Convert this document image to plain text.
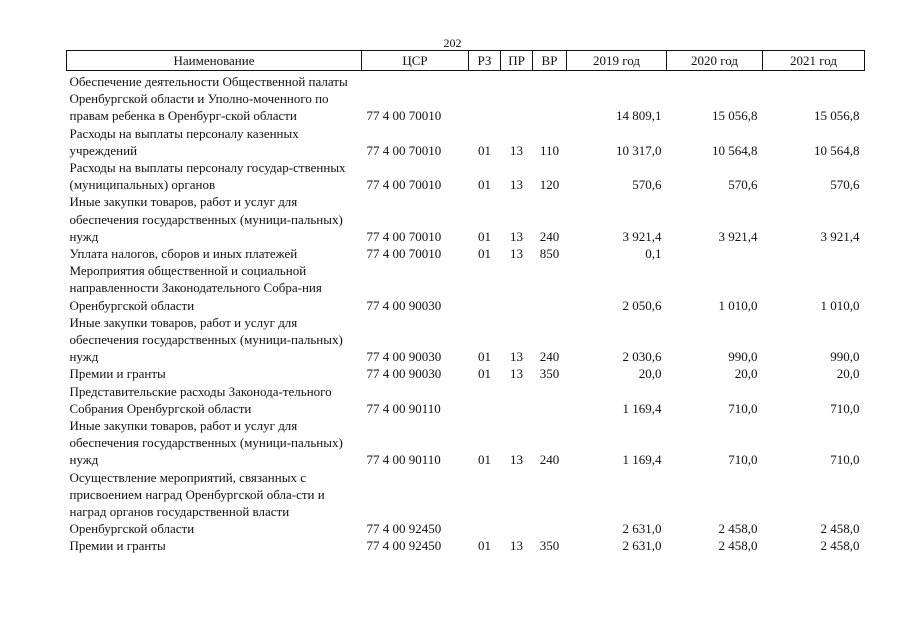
202
Наименование	ЦСР	РЗ	ПР	ВР	2019 год	2020 год	2021 год
Обеспечение деятельности Общественной палаты Оренбургской области и Уполно-моченного по правам ребенка в Оренбург-ской области	77 4 00 70010				14 809,1	15 056,8	15 056,8
Расходы на выплаты персоналу казенных учреждений	77 4 00 70010	01	13	110	10 317,0	10 564,8	10 564,8
Расходы на выплаты персоналу государ-ственных (муниципальных) органов	77 4 00 70010	01	13	120	570,6	570,6	570,6
Иные закупки товаров, работ и услуг для обеспечения государственных (муници-пальных) нужд	77 4 00 70010	01	13	240	3 921,4	3 921,4	3 921,4
Уплата налогов, сборов и иных платежей	77 4 00 70010	01	13	850	0,1		
Мероприятия общественной и социальной направленности Законодательного Собра-ния Оренбургской области	77 4 00 90030				2 050,6	1 010,0	1 010,0
Иные закупки товаров, работ и услуг для обеспечения государственных (муници-пальных) нужд	77 4 00 90030	01	13	240	2 030,6	990,0	990,0
Премии и гранты	77 4 00 90030	01	13	350	20,0	20,0	20,0
Представительские расходы Законода-тельного Собрания Оренбургской области	77 4 00 90110				1 169,4	710,0	710,0
Иные закупки товаров, работ и услуг для обеспечения государственных (муници-пальных) нужд	77 4 00 90110	01	13	240	1 169,4	710,0	710,0
Осуществление мероприятий, связанных с присвоением наград Оренбургской обла-сти и наград органов государственной власти Оренбургской области	77 4 00 92450				2 631,0	2 458,0	2 458,0
Премии и гранты	77 4 00 92450	01	13	350	2 631,0	2 458,0	2 458,0
